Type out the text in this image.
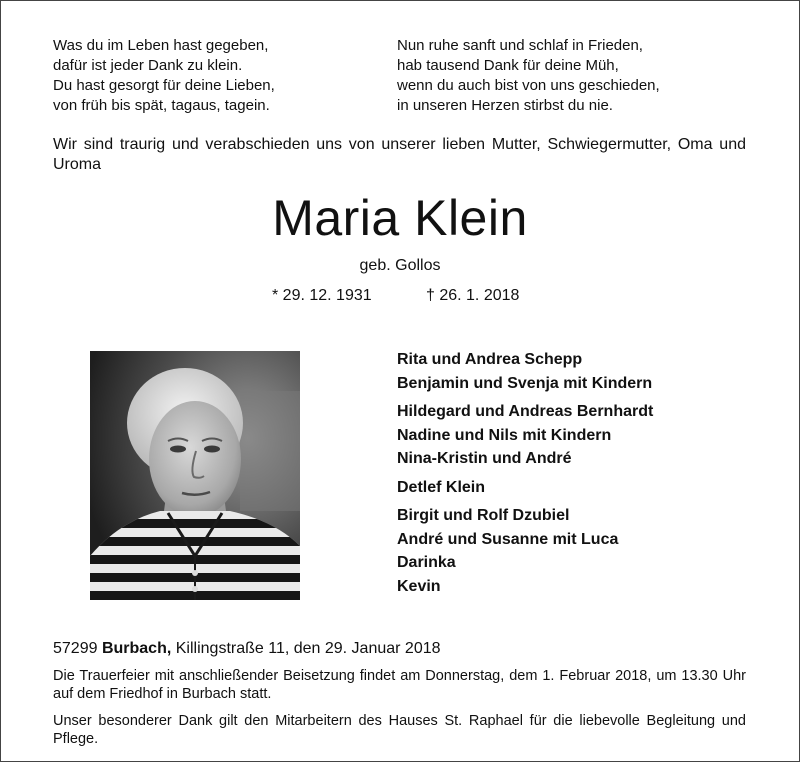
Was du im Leben hast gegeben,
dafür ist jeder Dank zu klein.
Du hast gesorgt für deine Lieben,
von früh bis spät, tagaus, tagein.
Nun ruhe sanft und schlaf in Frieden,
hab tausend Dank für deine Müh,
wenn du auch bist von uns geschieden,
in unseren Herzen stirbst du nie.
Wir sind traurig und verabschieden uns von unserer lieben Mutter, Schwiegermutter, Oma und Uroma
Maria Klein
geb. Gollos
* 29. 12. 1931	† 26. 1. 2018
Rita und Andrea Schepp
Benjamin und Svenja mit Kindern
Hildegard und Andreas Bernhardt
Nadine und Nils mit Kindern
Nina-Kristin und André
Detlef Klein
Birgit und Rolf Dzubiel
André und Susanne mit Luca
Darinka
Kevin
57299 Burbach, Killingstraße 11, den 29. Januar 2018
Die Trauerfeier mit anschließender Beisetzung findet am Donnerstag, dem 1. Februar 2018, um 13.30 Uhr auf dem Friedhof in Burbach statt.
Unser besonderer Dank gilt den Mitarbeitern des Hauses St. Raphael für die liebevolle Begleitung und Pflege.
